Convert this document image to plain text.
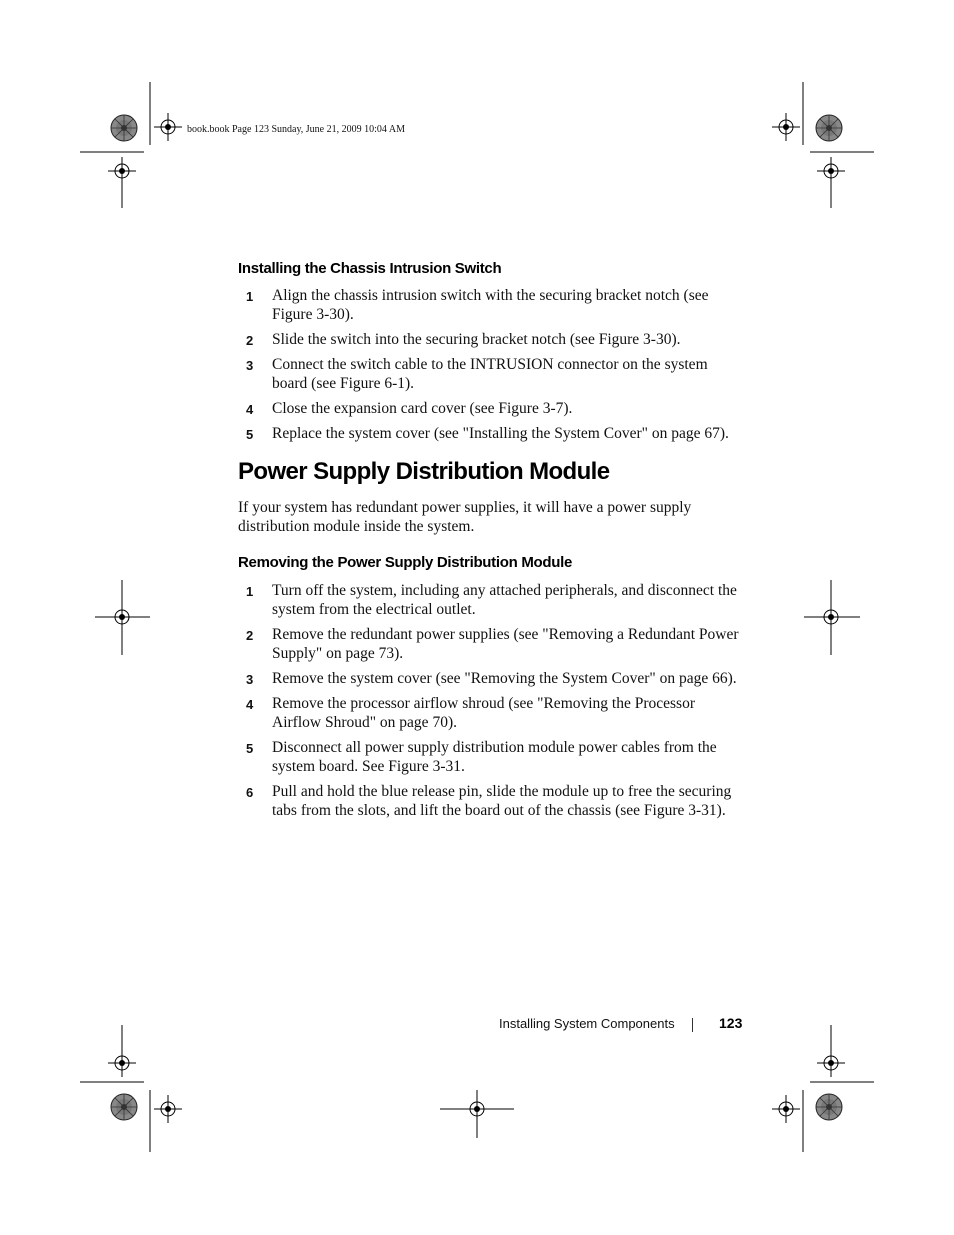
book.book Page 123 Sunday, June 21, 2009 10:04 AM
Installing the Chassis Intrusion Switch
1 Align the chassis intrusion switch with the securing bracket notch (see Figure 3-30).
2 Slide the switch into the securing bracket notch (see Figure 3-30).
3 Connect the switch cable to the INTRUSION connector on the system board (see Figure 6-1).
4 Close the expansion card cover (see Figure 3-7).
5 Replace the system cover (see "Installing the System Cover" on page 67).
Power Supply Distribution Module

If your system has redundant power supplies, it will have a power supply distribution module inside the system.

Removing the Power Supply Distribution Module
1 Turn off the system, including any attached peripherals, and disconnect the system from the electrical outlet.
2 Remove the redundant power supplies (see "Removing a Redundant Power Supply" on page 73).
3 Remove the system cover (see "Removing the System Cover" on page 66).
4 Remove the processor airflow shroud (see "Removing the Processor Airflow Shroud" on page 70).
5 Disconnect all power supply distribution module power cables from the system board. See Figure 3-31.
6 Pull and hold the blue release pin, slide the module up to free the securing tabs from the slots, and lift the board out of the chassis (see Figure 3-31).
Installing System Components	123
